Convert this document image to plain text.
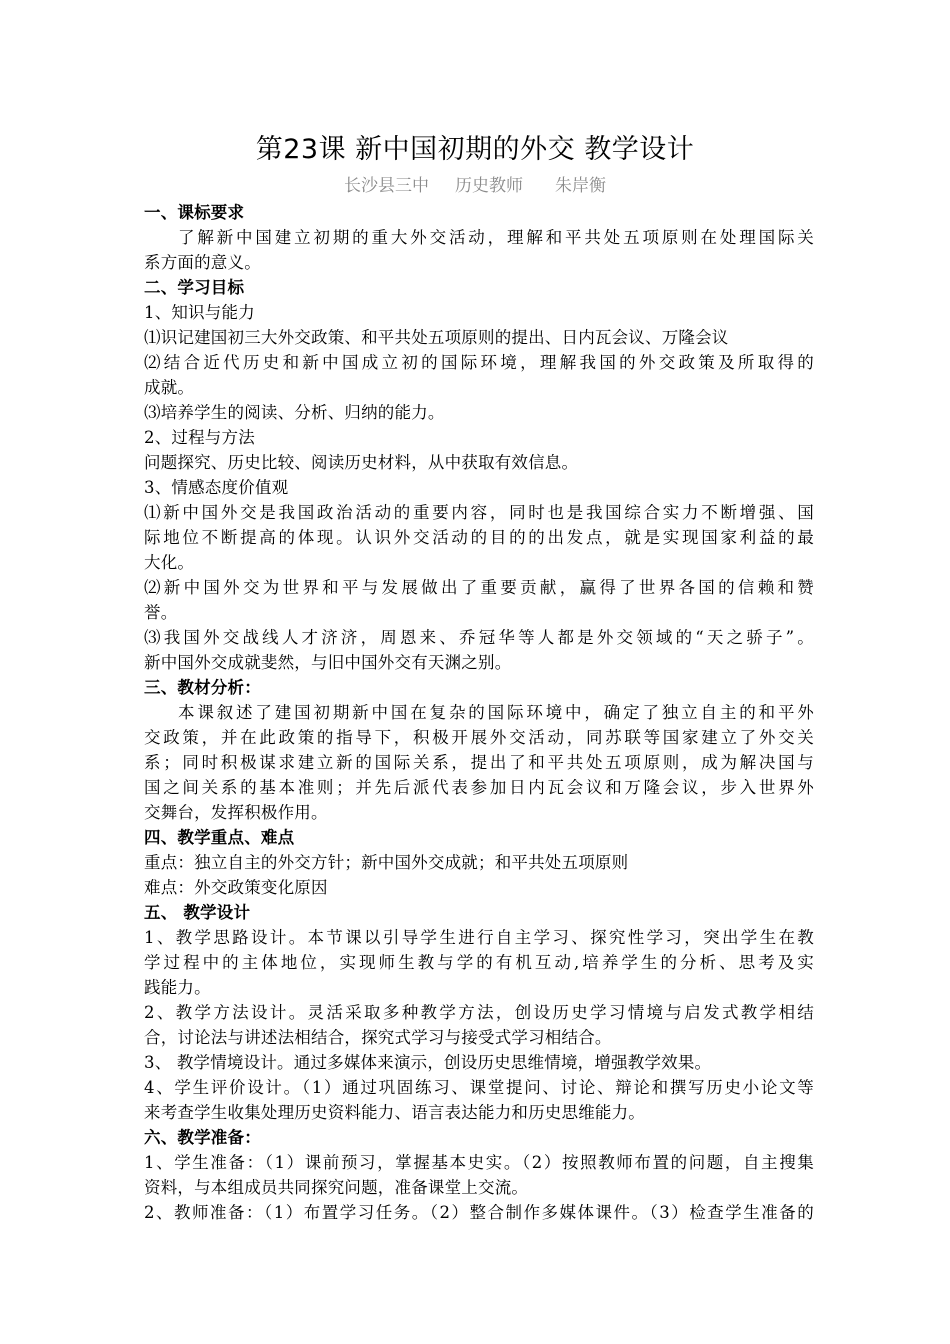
第23课 新中国初期的外交 教学设计
长沙县三中 历史教师 朱岸衡
一、课标要求
了解新中国建立初期的重大外交活动，理解和平共处五项原则在处理国际关
系方面的意义。
二、学习目标
1、知识与能力
⑴识记建国初三大外交政策、和平共处五项原则的提出、日内瓦会议、万隆会议
⑵结合近代历史和新中国成立初的国际环境，理解我国的外交政策及所取得的
成就。
⑶培养学生的阅读、分析、归纳的能力。
2、过程与方法
问题探究、历史比较、阅读历史材料，从中获取有效信息。
3、情感态度价值观
⑴新中国外交是我国政治活动的重要内容，同时也是我国综合实力不断增强、国
际地位不断提高的体现。认识外交活动的目的的出发点，就是实现国家利益的最
大化。
⑵新中国外交为世界和平与发展做出了重要贡献，赢得了世界各国的信赖和赞
誉。
⑶我国外交战线人才济济，周恩来、乔冠华等人都是外交领域的“天之骄子”。
新中国外交成就斐然，与旧中国外交有天渊之别。
三、教材分析：
本课叙述了建国初期新中国在复杂的国际环境中，确定了独立自主的和平外
交政策，并在此政策的指导下，积极开展外交活动，同苏联等国家建立了外交关
系；同时积极谋求建立新的国际关系，提出了和平共处五项原则，成为解决国与
国之间关系的基本准则；并先后派代表参加日内瓦会议和万隆会议，步入世界外
交舞台，发挥积极作用。
四、教学重点、难点
重点：独立自主的外交方针；新中国外交成就；和平共处五项原则
难点：外交政策变化原因
五、 教学设计
1、教学思路设计。本节课以引导学生进行自主学习、探究性学习，突出学生在教
学过程中的主体地位，实现师生教与学的有机互动,培养学生的分析、思考及实
践能力。
2、教学方法设计。灵活采取多种教学方法，创设历史学习情境与启发式教学相结
合，讨论法与讲述法相结合，探究式学习与接受式学习相结合。
3、 教学情境设计。通过多媒体来演示，创设历史思维情境，增强教学效果。
4、学生评价设计。（1）通过巩固练习、课堂提问、讨论、辩论和撰写历史小论文等
来考查学生收集处理历史资料能力、语言表达能力和历史思维能力。
六、教学准备：
1、学生准备：（1）课前预习，掌握基本史实。（2）按照教师布置的问题，自主搜集
资料，与本组成员共同探究问题，准备课堂上交流。
2、教师准备：（1）布置学习任务。（2）整合制作多媒体课件。（3）检查学生准备的
